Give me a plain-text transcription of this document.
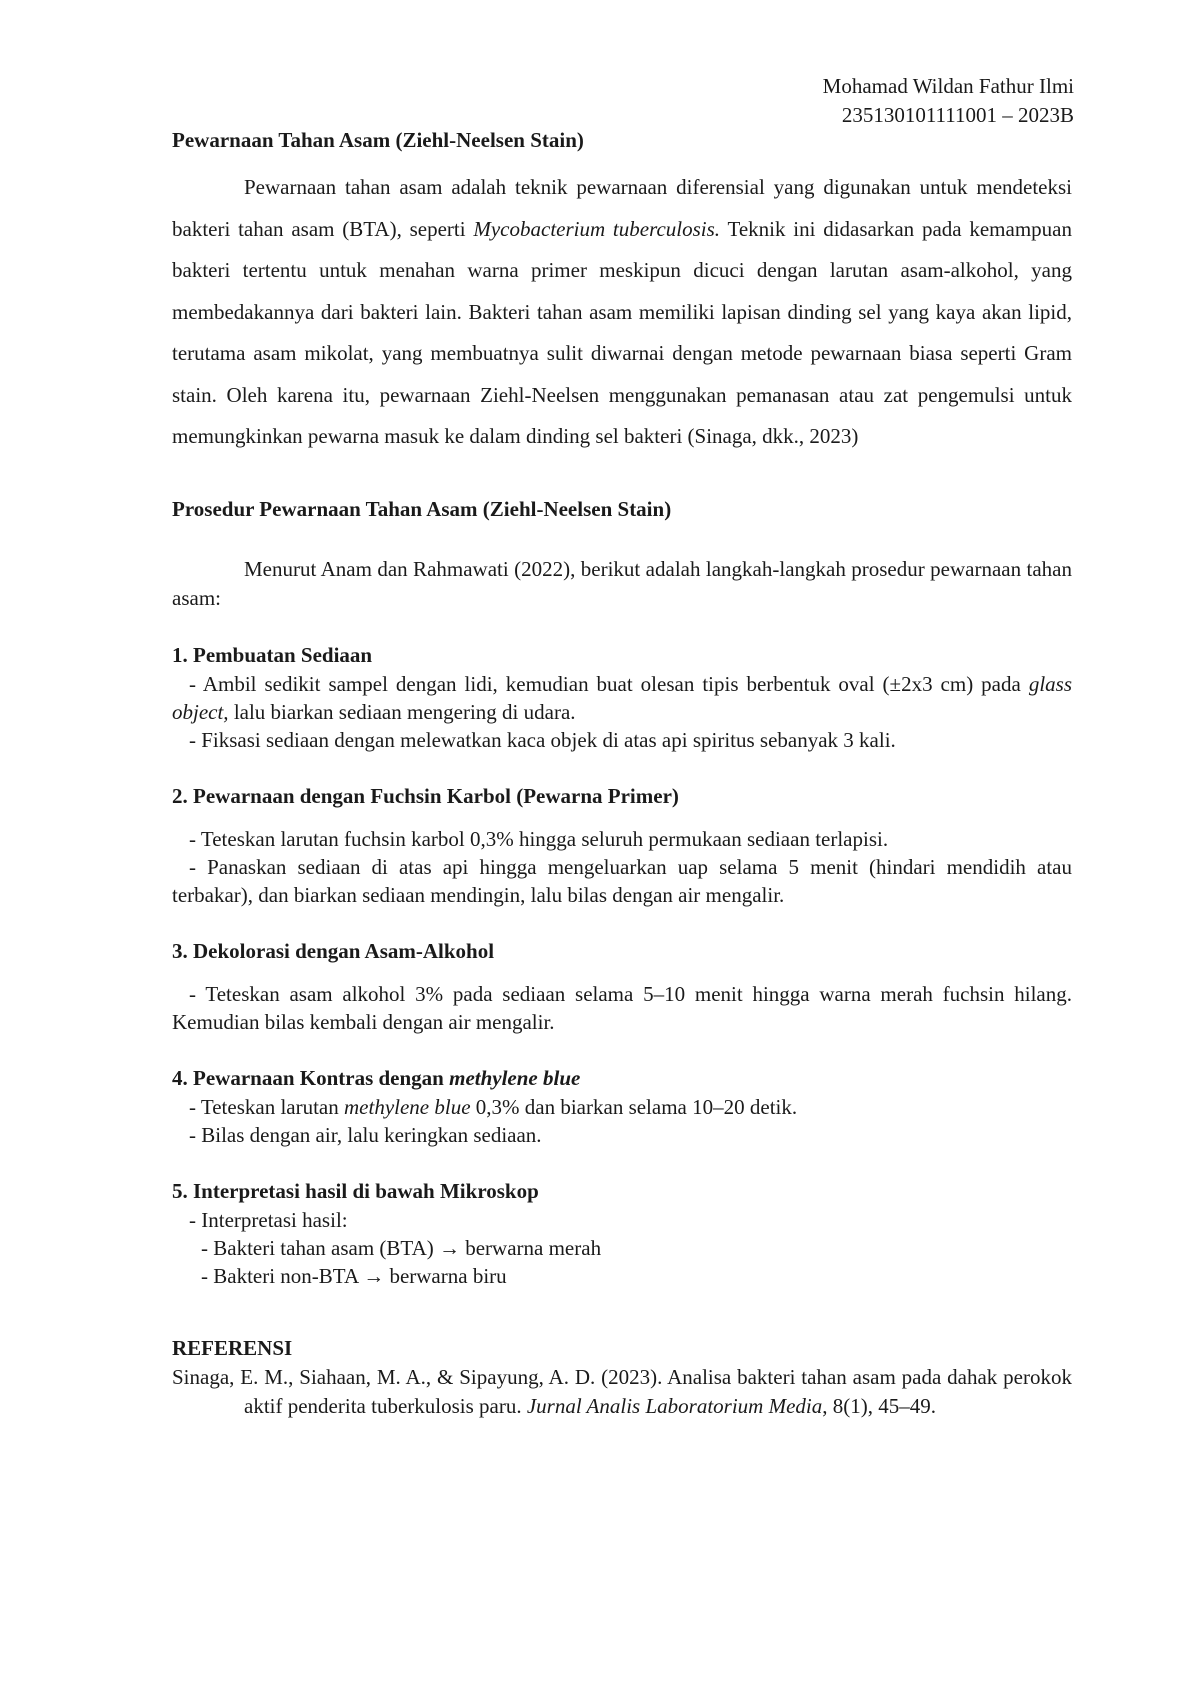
Mohamad Wildan Fathur Ilmi
235130101111001 – 2023B
Pewarnaan Tahan Asam (Ziehl-Neelsen Stain)

Pewarnaan tahan asam adalah teknik pewarnaan diferensial yang digunakan untuk mendeteksi bakteri tahan asam (BTA), seperti Mycobacterium tuberculosis. Teknik ini didasarkan pada kemampuan bakteri tertentu untuk menahan warna primer meskipun dicuci dengan larutan asam-alkohol, yang membedakannya dari bakteri lain. Bakteri tahan asam memiliki lapisan dinding sel yang kaya akan lipid, terutama asam mikolat, yang membuatnya sulit diwarnai dengan metode pewarnaan biasa seperti Gram stain. Oleh karena itu, pewarnaan Ziehl-Neelsen menggunakan pemanasan atau zat pengemulsi untuk memungkinkan pewarna masuk ke dalam dinding sel bakteri (Sinaga, dkk., 2023)

Prosedur Pewarnaan Tahan Asam (Ziehl-Neelsen Stain)

Menurut Anam dan Rahmawati (2022), berikut adalah langkah-langkah prosedur pewarnaan tahan asam:

1. Pembuatan Sediaan

- Ambil sedikit sampel dengan lidi, kemudian buat olesan tipis berbentuk oval (±2x3 cm) pada glass object, lalu biarkan sediaan mengering di udara.

- Fiksasi sediaan dengan melewatkan kaca objek di atas api spiritus sebanyak 3 kali.

2. Pewarnaan dengan Fuchsin Karbol (Pewarna Primer)

- Teteskan larutan fuchsin karbol 0,3% hingga seluruh permukaan sediaan terlapisi.

- Panaskan sediaan di atas api hingga mengeluarkan uap selama 5 menit (hindari mendidih atau terbakar), dan biarkan sediaan mendingin, lalu bilas dengan air mengalir.

3. Dekolorasi dengan Asam-Alkohol

- Teteskan asam alkohol 3% pada sediaan selama 5–10 menit hingga warna merah fuchsin hilang. Kemudian bilas kembali dengan air mengalir.

4. Pewarnaan Kontras dengan methylene blue

- Teteskan larutan methylene blue 0,3% dan biarkan selama 10–20 detik.

- Bilas dengan air, lalu keringkan sediaan.

5. Interpretasi hasil di bawah Mikroskop
- Interpretasi hasil:
- Bakteri tahan asam (BTA) → berwarna merah
- Bakteri non-BTA → berwarna biru
REFERENSI

Sinaga, E. M., Siahaan, M. A., & Sipayung, A. D. (2023). Analisa bakteri tahan asam pada dahak perokok aktif penderita tuberkulosis paru. Jurnal Analis Laboratorium Media, 8(1), 45–49.
